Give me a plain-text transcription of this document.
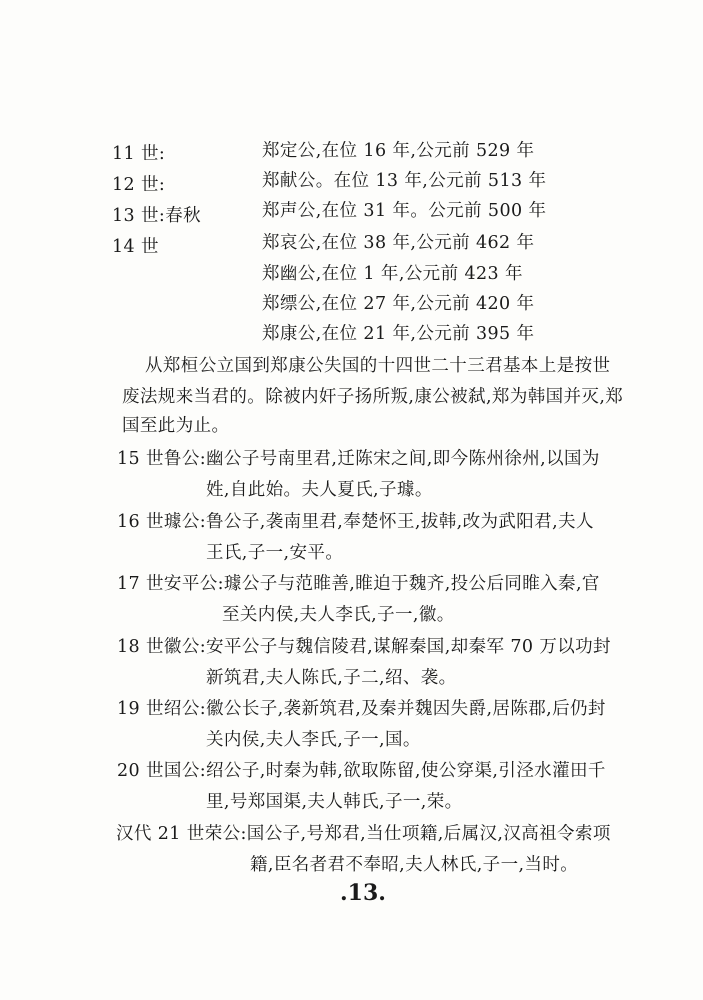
11 世:	郑定公,在位 16 年,公元前 529 年
12 世:	郑献公。在位 13 年,公元前 513 年
13 世:春秋	郑声公,在位 31 年。公元前 500 年
14 世	郑哀公,在位 38 年,公元前 462 年
郑幽公,在位 1 年,公元前 423 年
郑缥公,在位 27 年,公元前 420 年
郑康公,在位 21 年,公元前 395 年
从郑桓公立国到郑康公失国的十四世二十三君基本上是按世
废法规来当君的。除被内奸子扬所叛,康公被弑,郑为韩国并灭,郑
国至此为止。
15 世鲁公:幽公子号南里君,迁陈宋之间,即今陈州徐州,以国为
姓,自此始。夫人夏氏,子璩。
16 世璩公:鲁公子,袭南里君,奉楚怀王,拔韩,改为武阳君,夫人
王氏,子一,安平。
17 世安平公:璩公子与范睢善,睢迫于魏齐,投公后同睢入秦,官
至关内侯,夫人李氏,子一,徽。
18 世徽公:安平公子与魏信陵君,谋解秦国,却秦军 70 万以功封
新筑君,夫人陈氏,子二,绍、袭。
19 世绍公:徽公长子,袭新筑君,及秦并魏因失爵,居陈郡,后仍封
关内侯,夫人李氏,子一,国。
20 世国公:绍公子,时秦为韩,欲取陈留,使公穿渠,引泾水灌田千
里,号郑国渠,夫人韩氏,子一,荣。
汉代 21 世荣公:国公子,号郑君,当仕项籍,后属汉,汉高祖令索项
籍,臣名者君不奉昭,夫人林氏,子一,当时。
.13.
